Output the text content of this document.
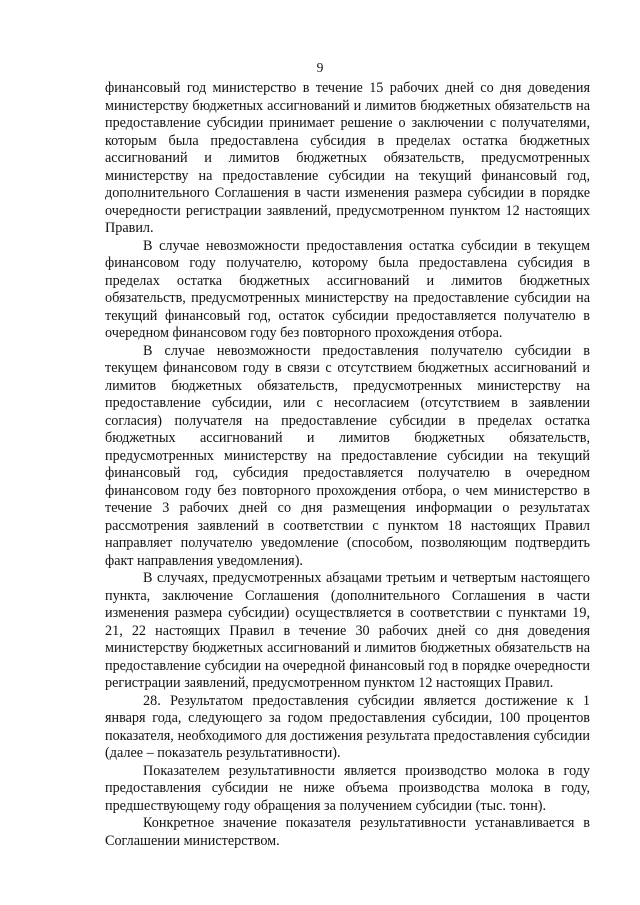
9

финансовый год министерство в течение 15 рабочих дней со дня доведения министерству бюджетных ассигнований и лимитов бюджетных обязательств на предоставление субсидии принимает решение о заключении с получателями, которым была предоставлена субсидия в пределах остатка бюджетных ассигнований и лимитов бюджетных обязательств, предусмотренных министерству на предоставление субсидии на текущий финансовый год, дополнительного Соглашения в части изменения размера субсидии в порядке очередности регистрации заявлений, предусмотренном пунктом 12 настоящих Правил.

В случае невозможности предоставления остатка субсидии в текущем финансовом году получателю, которому была предоставлена субсидия в пределах остатка бюджетных ассигнований и лимитов бюджетных обязательств, предусмотренных министерству на предоставление субсидии на текущий финансовый год, остаток субсидии предоставляется получателю в очередном финансовом году без повторного прохождения отбора.

В случае невозможности предоставления получателю субсидии в текущем финансовом году в связи с отсутствием бюджетных ассигнований и лимитов бюджетных обязательств, предусмотренных министерству на предоставление субсидии, или с несогласием (отсутствием в заявлении согласия) получателя на предоставление субсидии в пределах остатка бюджетных ассигнований и лимитов бюджетных обязательств, предусмотренных министерству на предоставление субсидии на текущий финансовый год, субсидия предоставляется получателю в очередном финансовом году без повторного прохождения отбора, о чем министерство в течение 3 рабочих дней со дня размещения информации о результатах рассмотрения заявлений в соответствии с пунктом 18 настоящих Правил направляет получателю уведомление (способом, позволяющим подтвердить факт направления уведомления).

В случаях, предусмотренных абзацами третьим и четвертым настоящего пункта, заключение Соглашения (дополнительного Соглашения в части изменения размера субсидии) осуществляется в соответствии с пунктами 19, 21, 22 настоящих Правил в течение 30 рабочих дней со дня доведения министерству бюджетных ассигнований и лимитов бюджетных обязательств на предоставление субсидии на очередной финансовый год в порядке очередности регистрации заявлений, предусмотренном пунктом 12 настоящих Правил.

28. Результатом предоставления субсидии является достижение к 1 января года, следующего за годом предоставления субсидии, 100 процентов показателя, необходимого для достижения результата предоставления субсидии (далее – показатель результативности).

Показателем результативности является производство молока в году предоставления субсидии не ниже объема производства молока в году, предшествующему году обращения за получением субсидии (тыс. тонн).

Конкретное значение показателя результативности устанавливается в Соглашении министерством.
